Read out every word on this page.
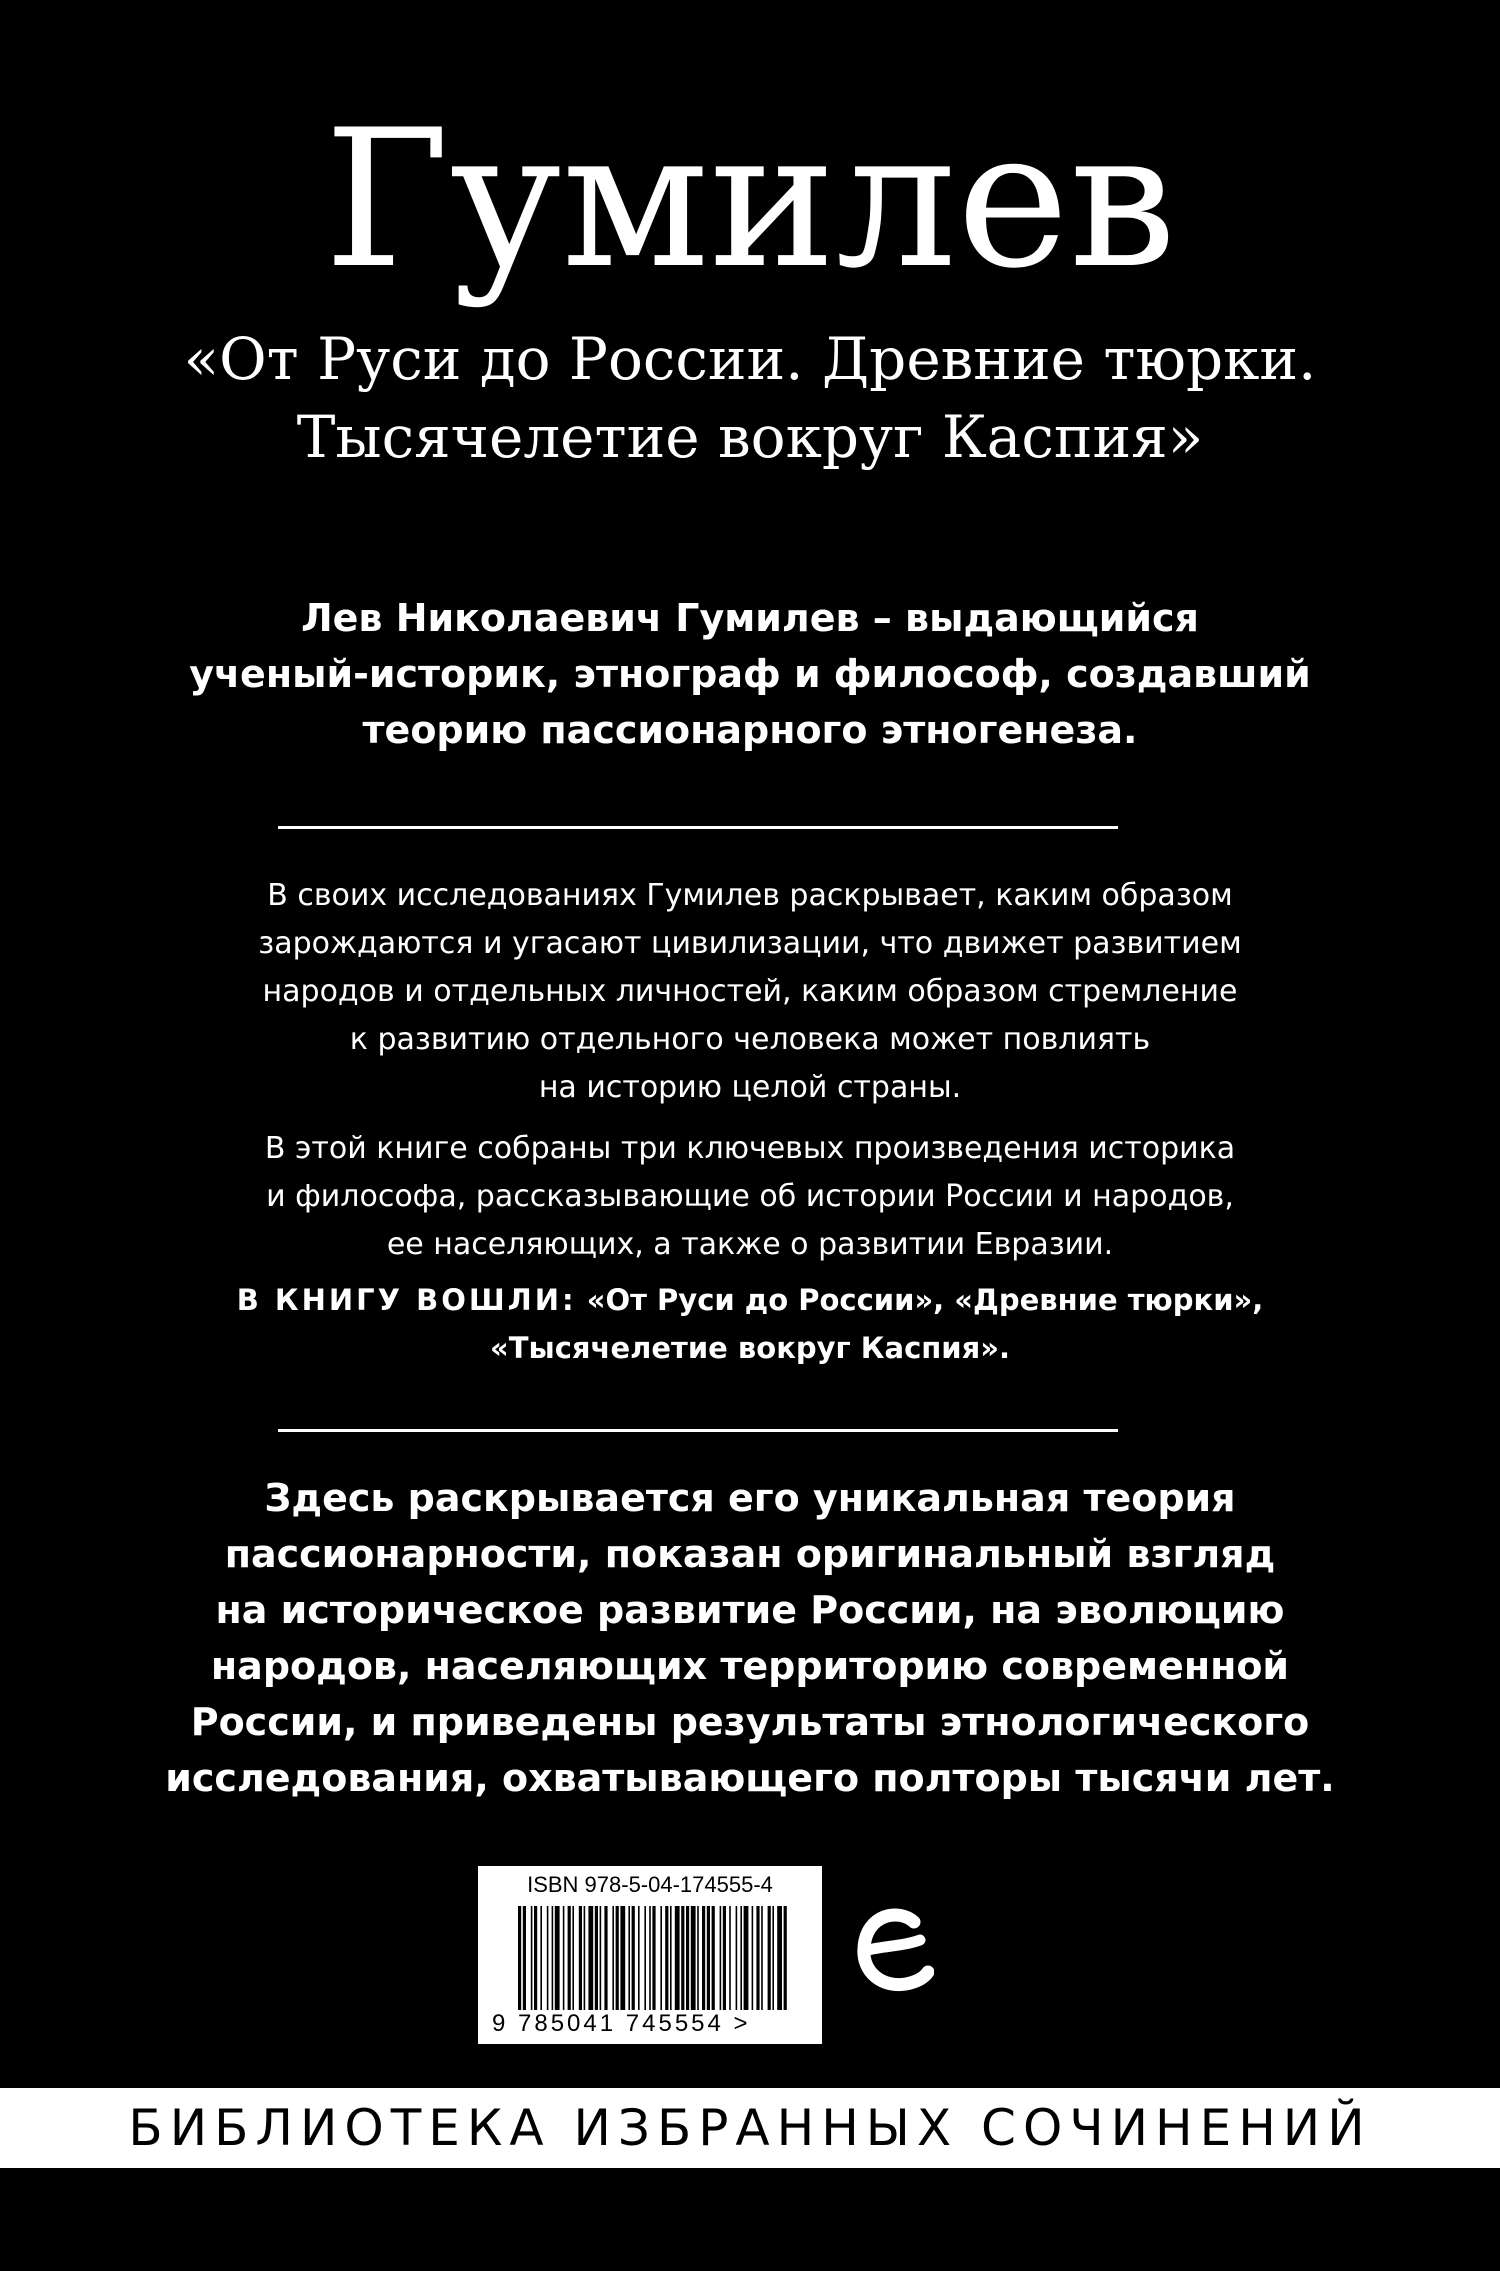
Гумилев
«От Руси до России. Древние тюрки.
Тысячелетие вокруг Каспия»
Лев Николаевич Гумилев – выдающийся
ученый-историк, этнограф и философ, создавший
теорию пассионарного этногенеза.
В своих исследованиях Гумилев раскрывает, каким образом
зарождаются и угасают цивилизации, что движет развитием
народов и отдельных личностей, каким образом стремление
к развитию отдельного человека может повлиять
на историю целой страны.
В этой книге собраны три ключевых произведения историка
и философа, рассказывающие об истории России и народов,
ее населяющих, а также о развитии Евразии.
В КНИГУ ВОШЛИ: «От Руси до России», «Древние тюрки»,
«Тысячелетие вокруг Каспия».
Здесь раскрывается его уникальная теория
пассионарности, показан оригинальный взгляд
на историческое развитие России, на эволюцию
народов, населяющих территорию современной
России, и приведены результаты этнологического
исследования, охватывающего полторы тысячи лет.
ISBN 978-5-04-174555-4
9 785041 745554 >
БИБЛИОТЕКА ИЗБРАННЫХ СОЧИНЕНИЙ
